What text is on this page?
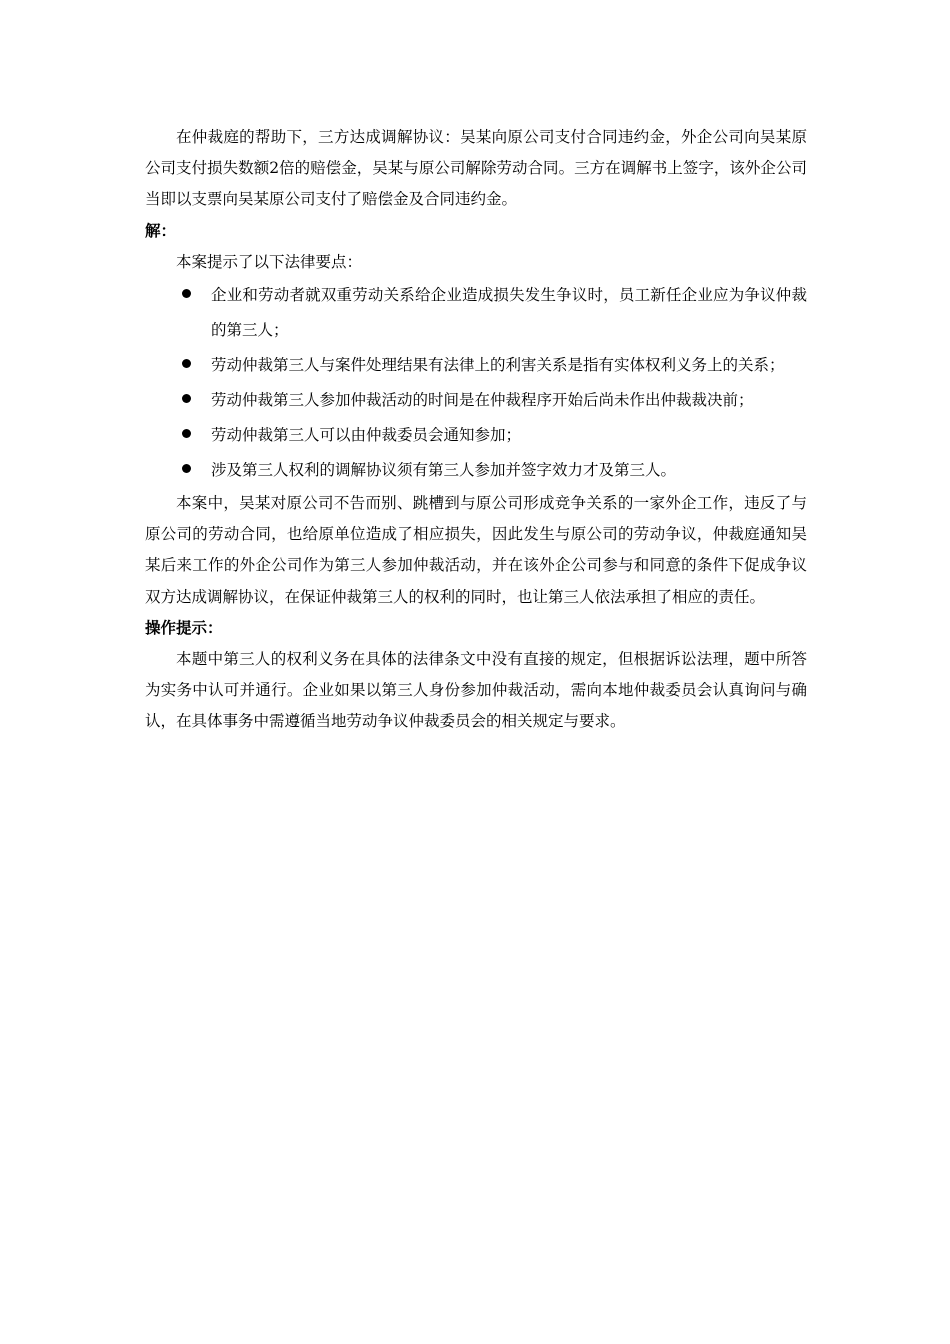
在仲裁庭的帮助下，三方达成调解协议：吴某向原公司支付合同违约金，外企公司向吴某原公司支付损失数额2倍的赔偿金，吴某与原公司解除劳动合同。三方在调解书上签字，该外企公司当即以支票向吴某原公司支付了赔偿金及合同违约金。

解：

本案提示了以下法律要点：

企业和劳动者就双重劳动关系给企业造成损失发生争议时，员工新任企业应为争议仲裁的第三人；
劳动仲裁第三人与案件处理结果有法律上的利害关系是指有实体权利义务上的关系；
劳动仲裁第三人参加仲裁活动的时间是在仲裁程序开始后尚未作出仲裁裁决前；
劳动仲裁第三人可以由仲裁委员会通知参加；
涉及第三人权利的调解协议须有第三人参加并签字效力才及第三人。

本案中，吴某对原公司不告而别、跳槽到与原公司形成竞争关系的一家外企工作，违反了与原公司的劳动合同，也给原单位造成了相应损失，因此发生与原公司的劳动争议，仲裁庭通知吴某后来工作的外企公司作为第三人参加仲裁活动，并在该外企公司参与和同意的条件下促成争议双方达成调解协议，在保证仲裁第三人的权利的同时，也让第三人依法承担了相应的责任。

操作提示：

本题中第三人的权利义务在具体的法律条文中没有直接的规定，但根据诉讼法理，题中所答为实务中认可并通行。企业如果以第三人身份参加仲裁活动，需向本地仲裁委员会认真询问与确认，在具体事务中需遵循当地劳动争议仲裁委员会的相关规定与要求。
